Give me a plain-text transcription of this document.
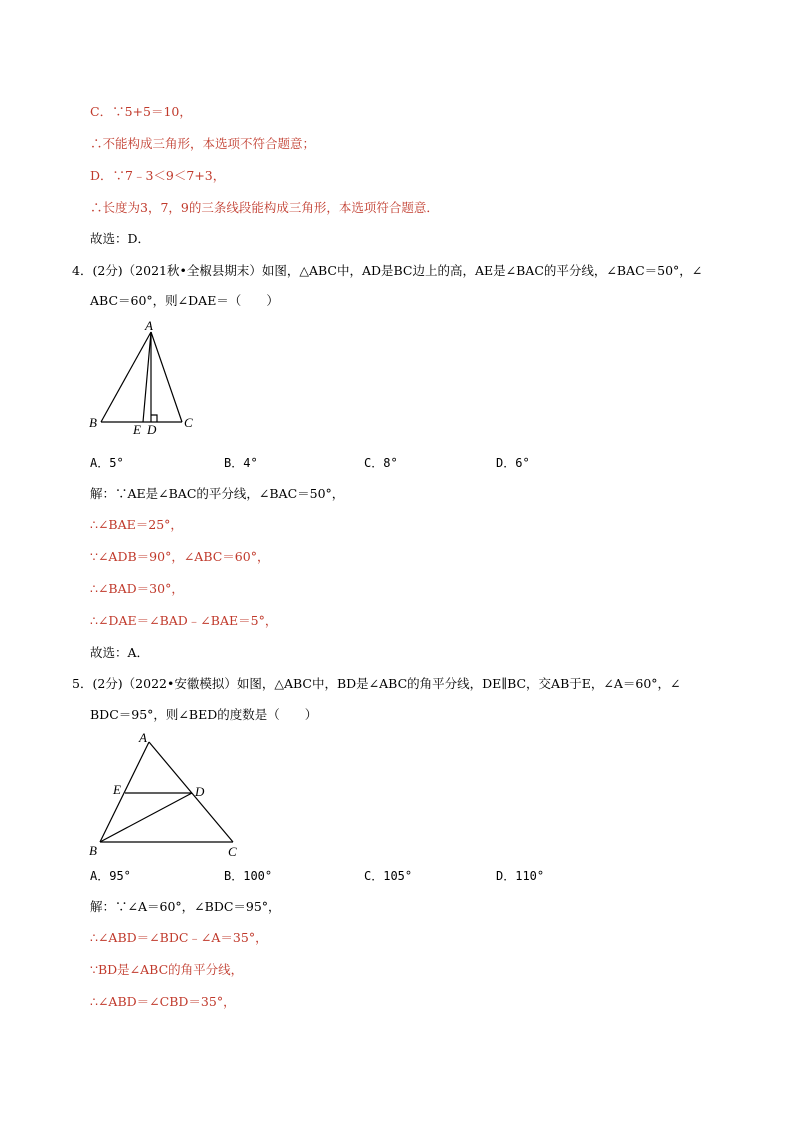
C．∵5+5＝10，
∴不能构成三角形，本选项不符合题意；
D．∵7﹣3＜9＜7+3，
∴长度为3，7，9的三条线段能构成三角形，本选项符合题意．
故选：D．
4．(2分)（2021秋•全椒县期末）如图，△ABC中，AD是BC边上的高，AE是∠BAC的平分线，∠BAC＝50°，∠
ABC＝60°，则∠DAE＝（　　）
A
B	C
E D
A．5°	B．4°	C．8°	D．6°
解：∵AE是∠BAC的平分线，∠BAC＝50°，
∴∠BAE＝25°，
∵∠ADB＝90°，∠ABC＝60°，
∴∠BAD＝30°，
∴∠DAE＝∠BAD﹣∠BAE＝5°，
故选：A．
5．(2分)（2022•安徽模拟）如图，△ABC中，BD是∠ABC的角平分线，DE∥BC，交AB于E，∠A＝60°，∠
BDC＝95°，则∠BED的度数是（　　）
A
E	D
B	C
A．95°	B．100°	C．105°	D．110°
解：∵∠A＝60°，∠BDC＝95°，
∴∠ABD＝∠BDC﹣∠A＝35°，
∵BD是∠ABC的角平分线，
∴∠ABD＝∠CBD＝35°，
